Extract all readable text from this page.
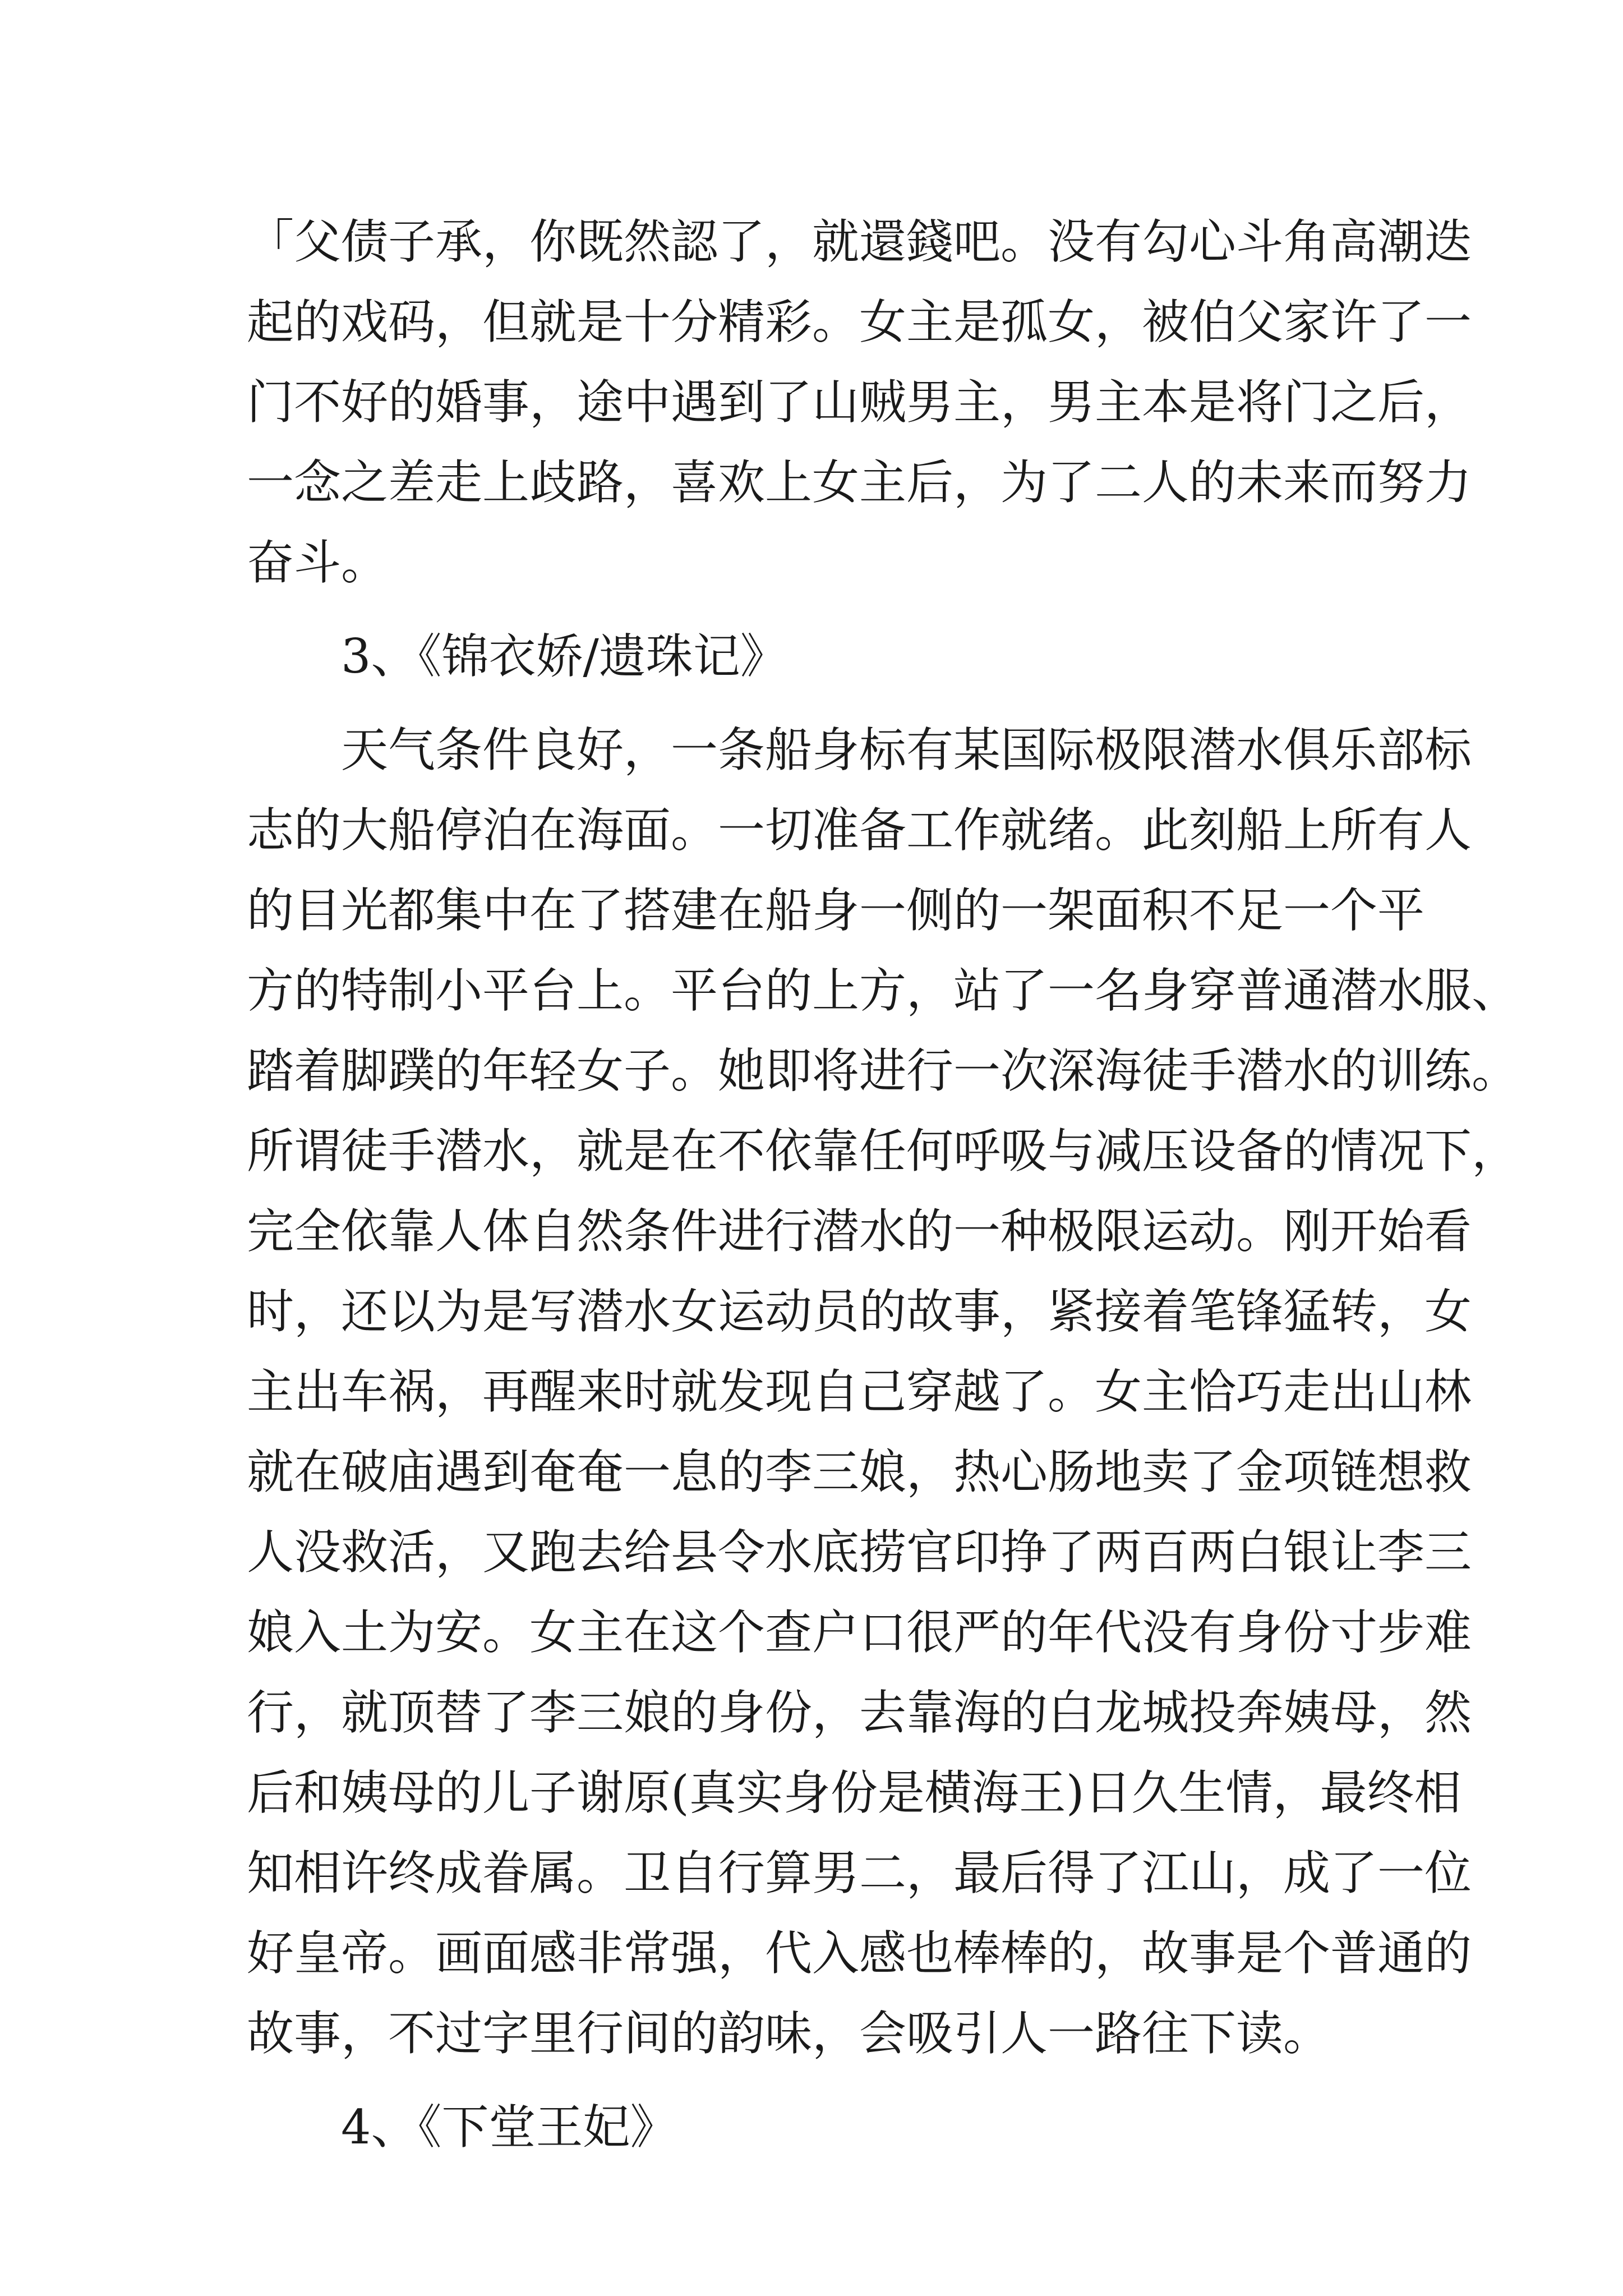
「父债子承，你既然認了，就還錢吧。没有勾心斗角高潮迭
起的戏码，但就是十分精彩。女主是孤女，被伯父家许了一
门不好的婚事，途中遇到了山贼男主，男主本是将门之后，
一念之差走上歧路，喜欢上女主后，为了二人的未来而努力
奋斗。
3、《锦衣娇/遗珠记》
天气条件良好，一条船身标有某国际极限潜水俱乐部标
志的大船停泊在海面。一切准备工作就绪。此刻船上所有人
的目光都集中在了搭建在船身一侧的一架面积不足一个平
方的特制小平台上。平台的上方，站了一名身穿普通潜水服、
踏着脚蹼的年轻女子。她即将进行一次深海徒手潜水的训练。
所谓徒手潜水，就是在不依靠任何呼吸与减压设备的情况下，
完全依靠人体自然条件进行潜水的一种极限运动。刚开始看
时，还以为是写潜水女运动员的故事，紧接着笔锋猛转，女
主出车祸，再醒来时就发现自己穿越了。女主恰巧走出山林
就在破庙遇到奄奄一息的李三娘，热心肠地卖了金项链想救
人没救活，又跑去给县令水底捞官印挣了两百两白银让李三
娘入土为安。女主在这个查户口很严的年代没有身份寸步难
行，就顶替了李三娘的身份，去靠海的白龙城投奔姨母，然
后和姨母的儿子谢原(真实身份是横海王)日久生情，最终相
知相许终成眷属。卫自行算男二，最后得了江山，成了一位
好皇帝。画面感非常强，代入感也棒棒的，故事是个普通的
故事，不过字里行间的韵味，会吸引人一路往下读。
4、《下堂王妃》
